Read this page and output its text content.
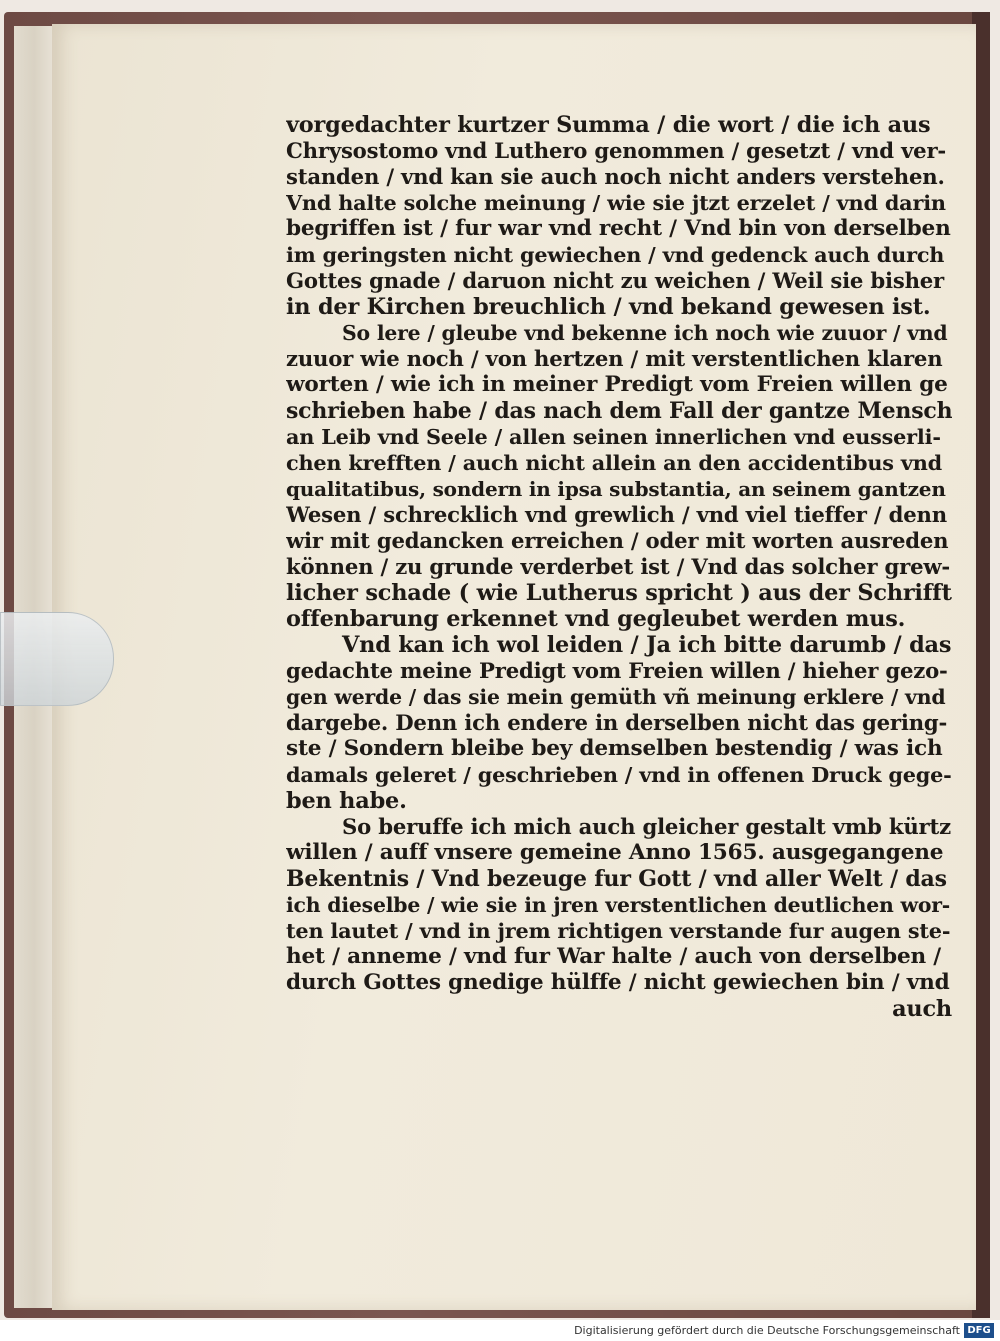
vorgedachter kurtzer Summa / die wort / die ich aus
Chrysostomo vnd Luthero genommen / gesetzt / vnd ver-
standen / vnd kan sie auch noch nicht anders verstehen.
Vnd halte solche meinung / wie sie jtzt erzelet / vnd darin
begriffen ist / fur war vnd recht / Vnd bin von derselben
im geringsten nicht gewiechen / vnd gedenck auch durch
Gottes gnade / daruon nicht zu weichen / Weil sie bisher
in der Kirchen breuchlich / vnd bekand gewesen ist.
So lere / gleube vnd bekenne ich noch wie zuuor / vnd
zuuor wie noch / von hertzen / mit verstentlichen klaren
worten / wie ich in meiner Predigt vom Freien willen ge
schrieben habe / das nach dem Fall der gantze Mensch
an Leib vnd Seele / allen seinen innerlichen vnd eusserli-
chen krefften / auch nicht allein an den accidentibus vnd
qualitatibus, sondern in ipsa substantia, an seinem gantzen
Wesen / schrecklich vnd grewlich / vnd viel tieffer / denn
wir mit gedancken erreichen / oder mit worten ausreden
können / zu grunde verderbet ist / Vnd das solcher grew-
licher schade ( wie Lutherus spricht ) aus der Schrifft
offenbarung erkennet vnd gegleubet werden mus.
Vnd kan ich wol leiden / Ja ich bitte darumb / das
gedachte meine Predigt vom Freien willen / hieher gezo-
gen werde / das sie mein gemüth vñ meinung erklere / vnd
dargebe. Denn ich endere in derselben nicht das gering-
ste / Sondern bleibe bey demselben bestendig / was ich
damals geleret / geschrieben / vnd in offenen Druck gege-
ben habe.
So beruffe ich mich auch gleicher gestalt vmb kürtz
willen / auff vnsere gemeine Anno 1565. ausgegangene
Bekentnis / Vnd bezeuge fur Gott / vnd aller Welt / das
ich dieselbe / wie sie in jren verstentlichen deutlichen wor-
ten lautet / vnd in jrem richtigen verstande fur augen ste-
het / anneme / vnd fur War halte / auch von derselben /
durch Gottes gnedige hülffe / nicht gewiechen bin / vnd
auch
Digitalisierung gefördert durch die Deutsche Forschungsgemeinschaft DFG
